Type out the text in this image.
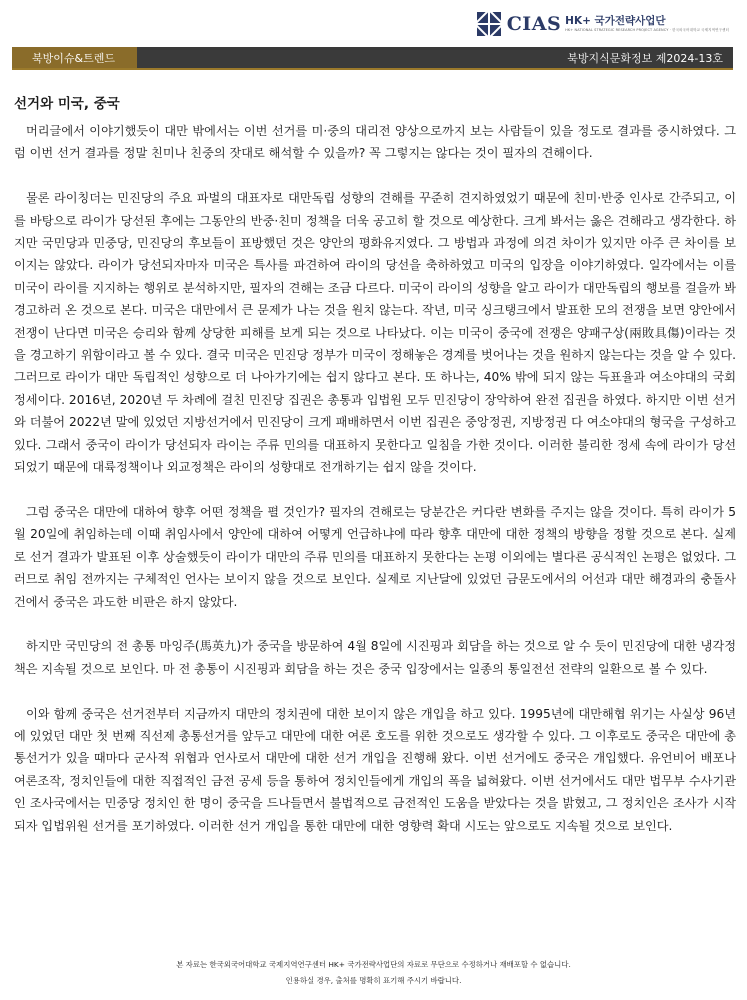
CIAS HK+ 국가전략사업단
HK+ NATIONAL STRATEGIC RESEARCH PROJECT AGENCY · 한국외국어대학교 국제지역연구센터
북방이슈&트렌드	북방지식문화정보 제2024-13호
선거와 미국, 중국

머리글에서 이야기했듯이 대만 밖에서는 이번 선거를 미·중의 대리전 양상으로까지 보는 사람들이 있을 정도로 결과를 중시하였다. 그럼 이번 선거 결과를 정말 친미나 친중의 잣대로 해석할 수 있을까? 꼭 그렇지는 않다는 것이 필자의 견해이다.

물론 라이칭더는 민진당의 주요 파벌의 대표자로 대만독립 성향의 견해를 꾸준히 견지하였었기 때문에 친미·반중 인사로 간주되고, 이를 바탕으로 라이가 당선된 후에는 그동안의 반중·친미 정책을 더욱 공고히 할 것으로 예상한다. 크게 봐서는 옳은 견해라고 생각한다. 하지만 국민당과 민중당, 민진당의 후보들이 표방했던 것은 양안의 평화유지였다. 그 방법과 과정에 의견 차이가 있지만 아주 큰 차이를 보이지는 않았다. 라이가 당선되자마자 미국은 특사를 파견하여 라이의 당선을 축하하였고 미국의 입장을 이야기하였다. 일각에서는 이를 미국이 라이를 지지하는 행위로 분석하지만, 필자의 견해는 조금 다르다. 미국이 라이의 성향을 알고 라이가 대만독립의 행보를 걸을까 봐 경고하러 온 것으로 본다. 미국은 대만에서 큰 문제가 나는 것을 원치 않는다. 작년, 미국 싱크탱크에서 발표한 모의 전쟁을 보면 양안에서 전쟁이 난다면 미국은 승리와 함께 상당한 피해를 보게 되는 것으로 나타났다. 이는 미국이 중국에 전쟁은 양패구상(兩敗具傷)이라는 것을 경고하기 위함이라고 볼 수 있다. 결국 미국은 민진당 정부가 미국이 정해놓은 경계를 벗어나는 것을 원하지 않는다는 것을 알 수 있다. 그러므로 라이가 대만 독립적인 성향으로 더 나아가기에는 쉽지 않다고 본다. 또 하나는, 40% 밖에 되지 않는 득표율과 여소야대의 국회 정세이다. 2016년, 2020년 두 차례에 걸친 민진당 집권은 총통과 입법원 모두 민진당이 장악하여 완전 집권을 하였다. 하지만 이번 선거와 더불어 2022년 말에 있었던 지방선거에서 민진당이 크게 패배하면서 이번 집권은 중앙정권, 지방정권 다 여소야대의 형국을 구성하고 있다. 그래서 중국이 라이가 당선되자 라이는 주류 민의를 대표하지 못한다고 일침을 가한 것이다. 이러한 불리한 정세 속에 라이가 당선되었기 때문에 대륙정책이나 외교정책은 라이의 성향대로 전개하기는 쉽지 않을 것이다.

그럼 중국은 대만에 대하여 향후 어떤 정책을 펼 것인가? 필자의 견해로는 당분간은 커다란 변화를 주지는 않을 것이다. 특히 라이가 5월 20일에 취임하는데 이때 취임사에서 양안에 대하여 어떻게 언급하냐에 따라 향후 대만에 대한 정책의 방향을 정할 것으로 본다. 실제로 선거 결과가 발표된 이후 상술했듯이 라이가 대만의 주류 민의를 대표하지 못한다는 논평 이외에는 별다른 공식적인 논평은 없었다. 그러므로 취임 전까지는 구체적인 언사는 보이지 않을 것으로 보인다. 실제로 지난달에 있었던 금문도에서의 어선과 대만 해경과의 충돌사건에서 중국은 과도한 비판은 하지 않았다.

하지만 국민당의 전 총통 마잉주(馬英九)가 중국을 방문하여 4월 8일에 시진핑과 회담을 하는 것으로 알 수 듯이 민진당에 대한 냉각정책은 지속될 것으로 보인다. 마 전 총통이 시진핑과 회담을 하는 것은 중국 입장에서는 일종의 통일전선 전략의 일환으로 볼 수 있다.

이와 함께 중국은 선거전부터 지금까지 대만의 정치권에 대한 보이지 않은 개입을 하고 있다. 1995년에 대만해협 위기는 사실상 96년에 있었던 대만 첫 번째 직선제 총통선거를 앞두고 대만에 대한 여론 호도를 위한 것으로도 생각할 수 있다. 그 이후로도 중국은 대만에 총통선거가 있을 때마다 군사적 위협과 언사로서 대만에 대한 선거 개입을 진행해 왔다. 이번 선거에도 중국은 개입했다. 유언비어 배포나 여론조작, 정치인들에 대한 직접적인 금전 공세 등을 통하여 정치인들에게 개입의 폭을 넓혀왔다. 이번 선거에서도 대만 법무부 수사기관인 조사국에서는 민중당 정치인 한 명이 중국을 드나들면서 불법적으로 금전적인 도움을 받았다는 것을 밝혔고, 그 정치인은 조사가 시작되자 입법위원 선거를 포기하였다. 이러한 선거 개입을 통한 대만에 대한 영향력 확대 시도는 앞으로도 지속될 것으로 보인다.

본 자료는 한국외국어대학교 국제지역연구센터 HK+ 국가전략사업단의 자료로 무단으로 수정하거나 재배포할 수 없습니다.
인용하실 경우, 출처를 명확히 표기해 주시기 바랍니다.
